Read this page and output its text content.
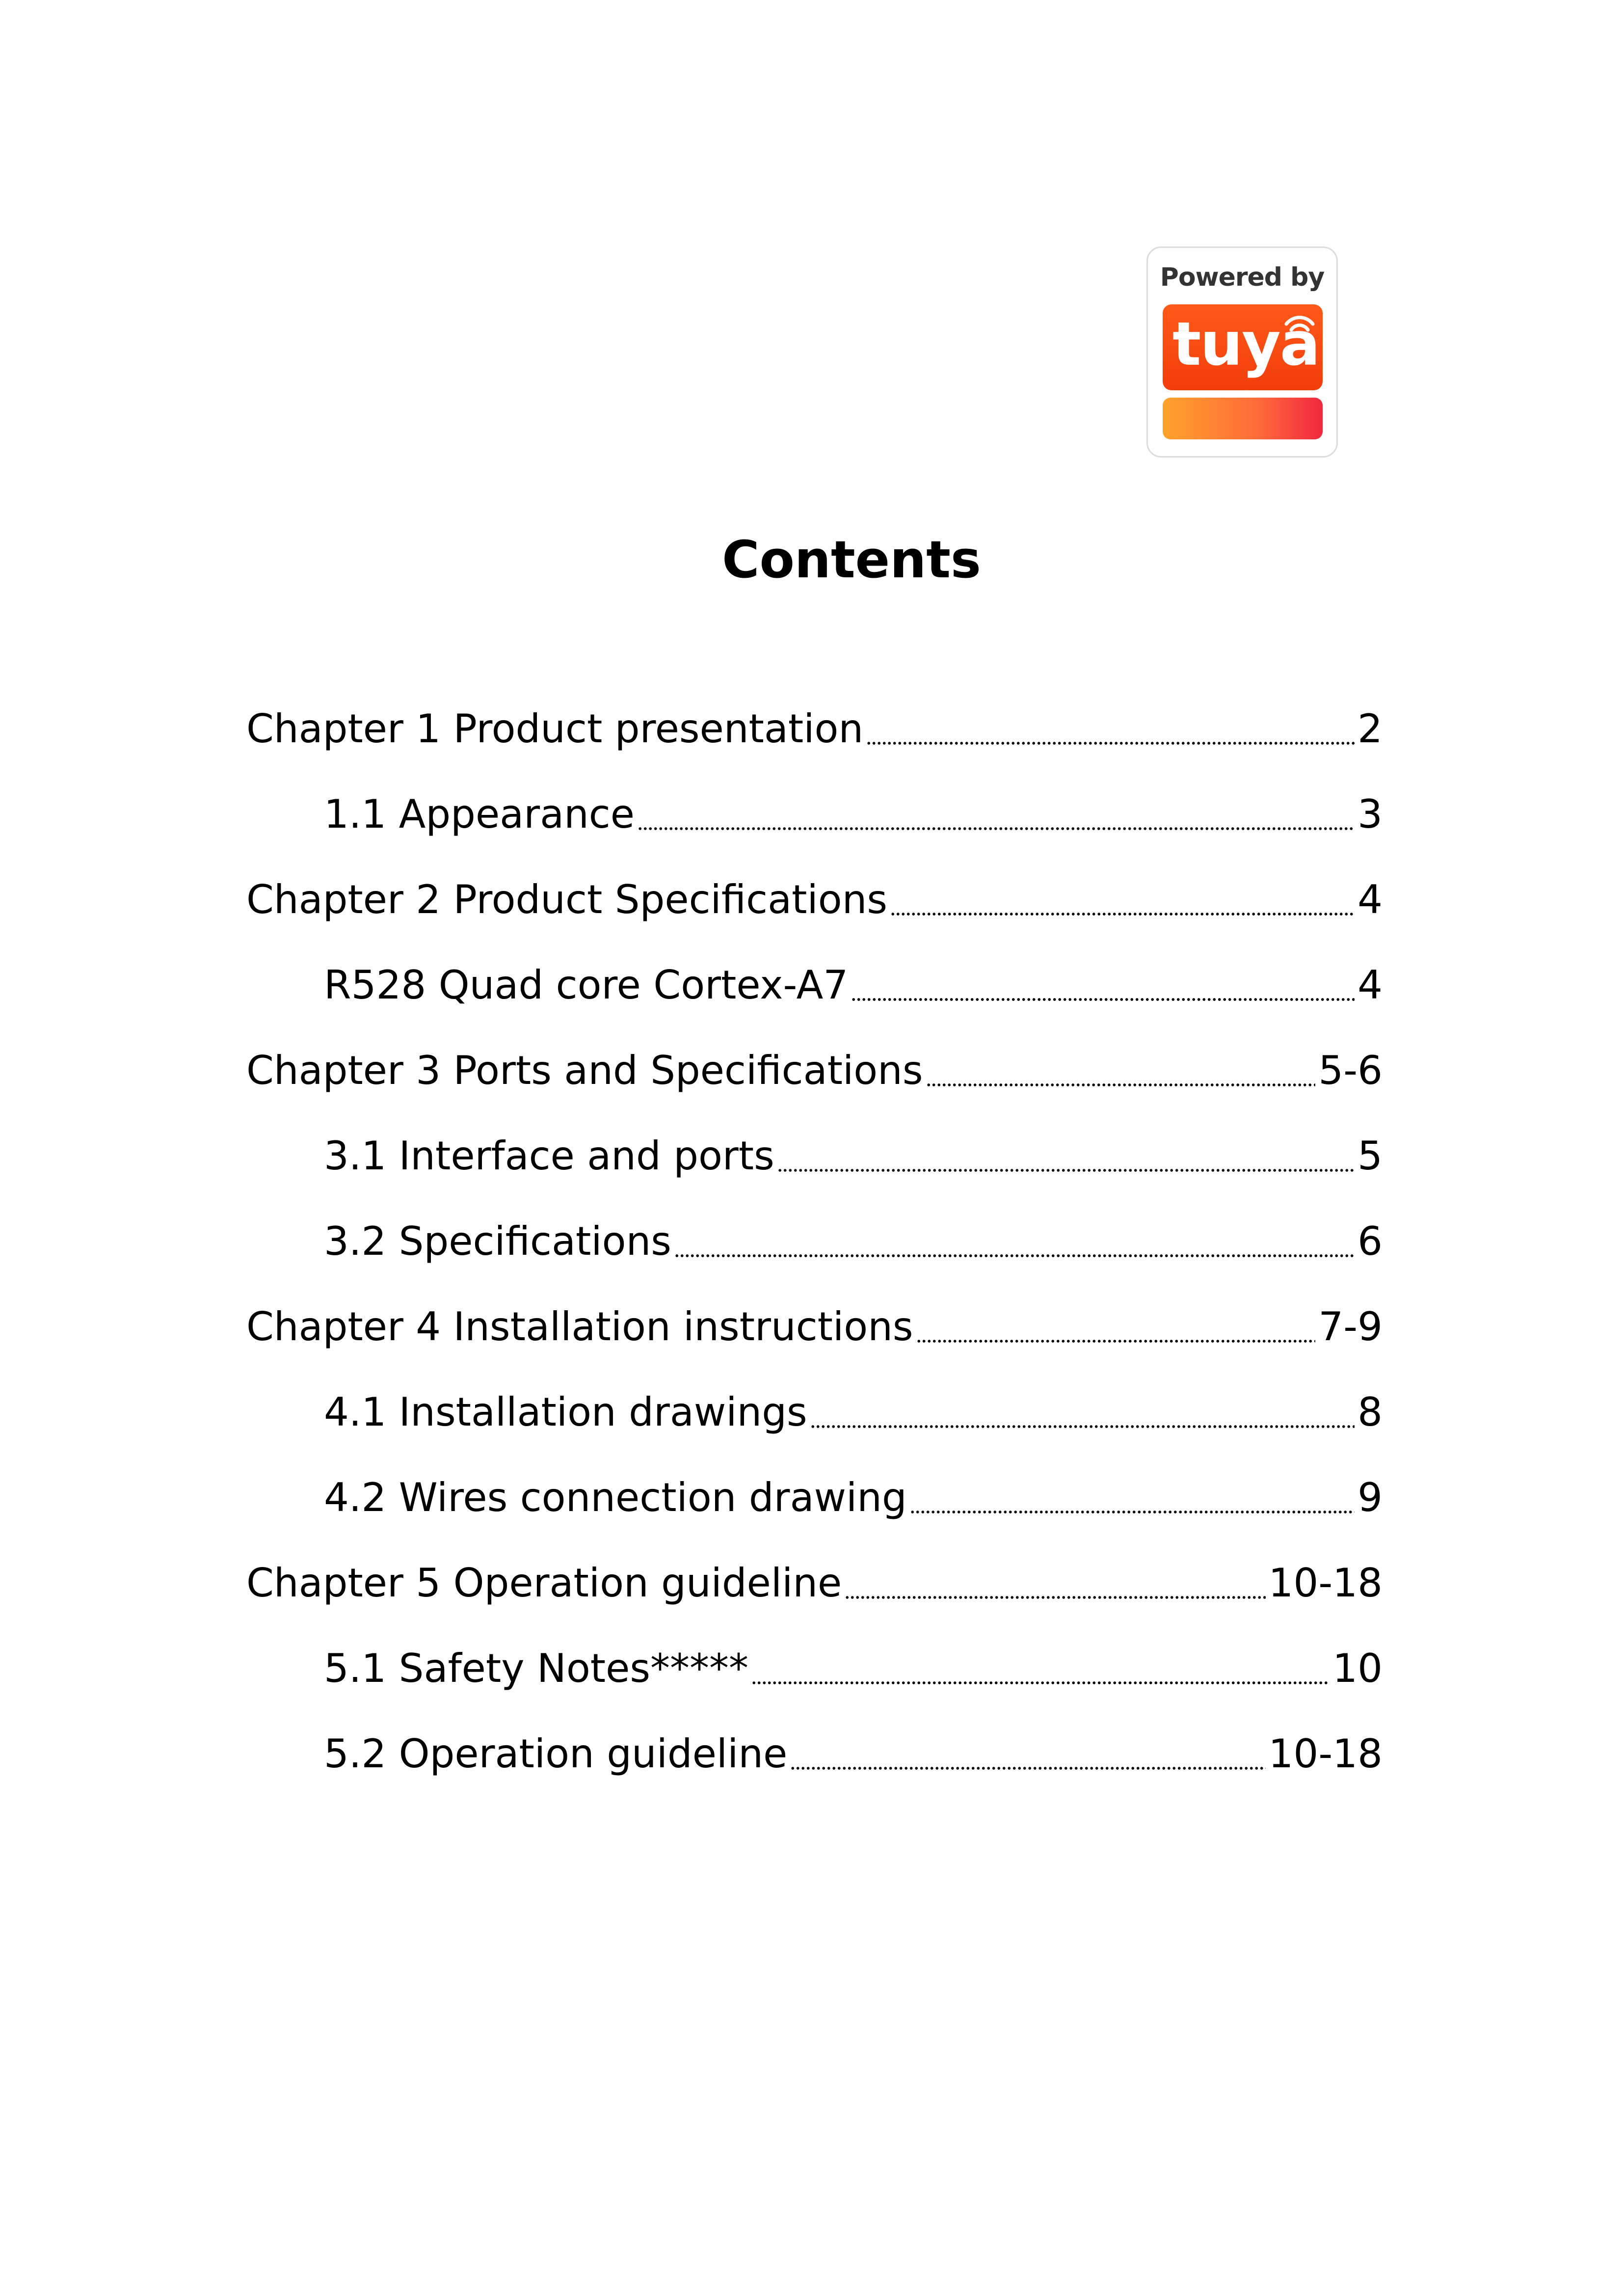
Powered by
tuya
Contents
Chapter 1 Product presentation	2
1.1 Appearance	3
Chapter 2 Product Specifications	4
R528 Quad core Cortex-A7	4
Chapter 3 Ports and Specifications	5-6
3.1 Interface and ports	5
3.2 Specifications	6
Chapter 4 Installation instructions	7-9
4.1 Installation drawings	8
4.2 Wires connection drawing	9
Chapter 5 Operation guideline	10-18
5.1 Safety Notes*****	10
5.2 Operation guideline	10-18
